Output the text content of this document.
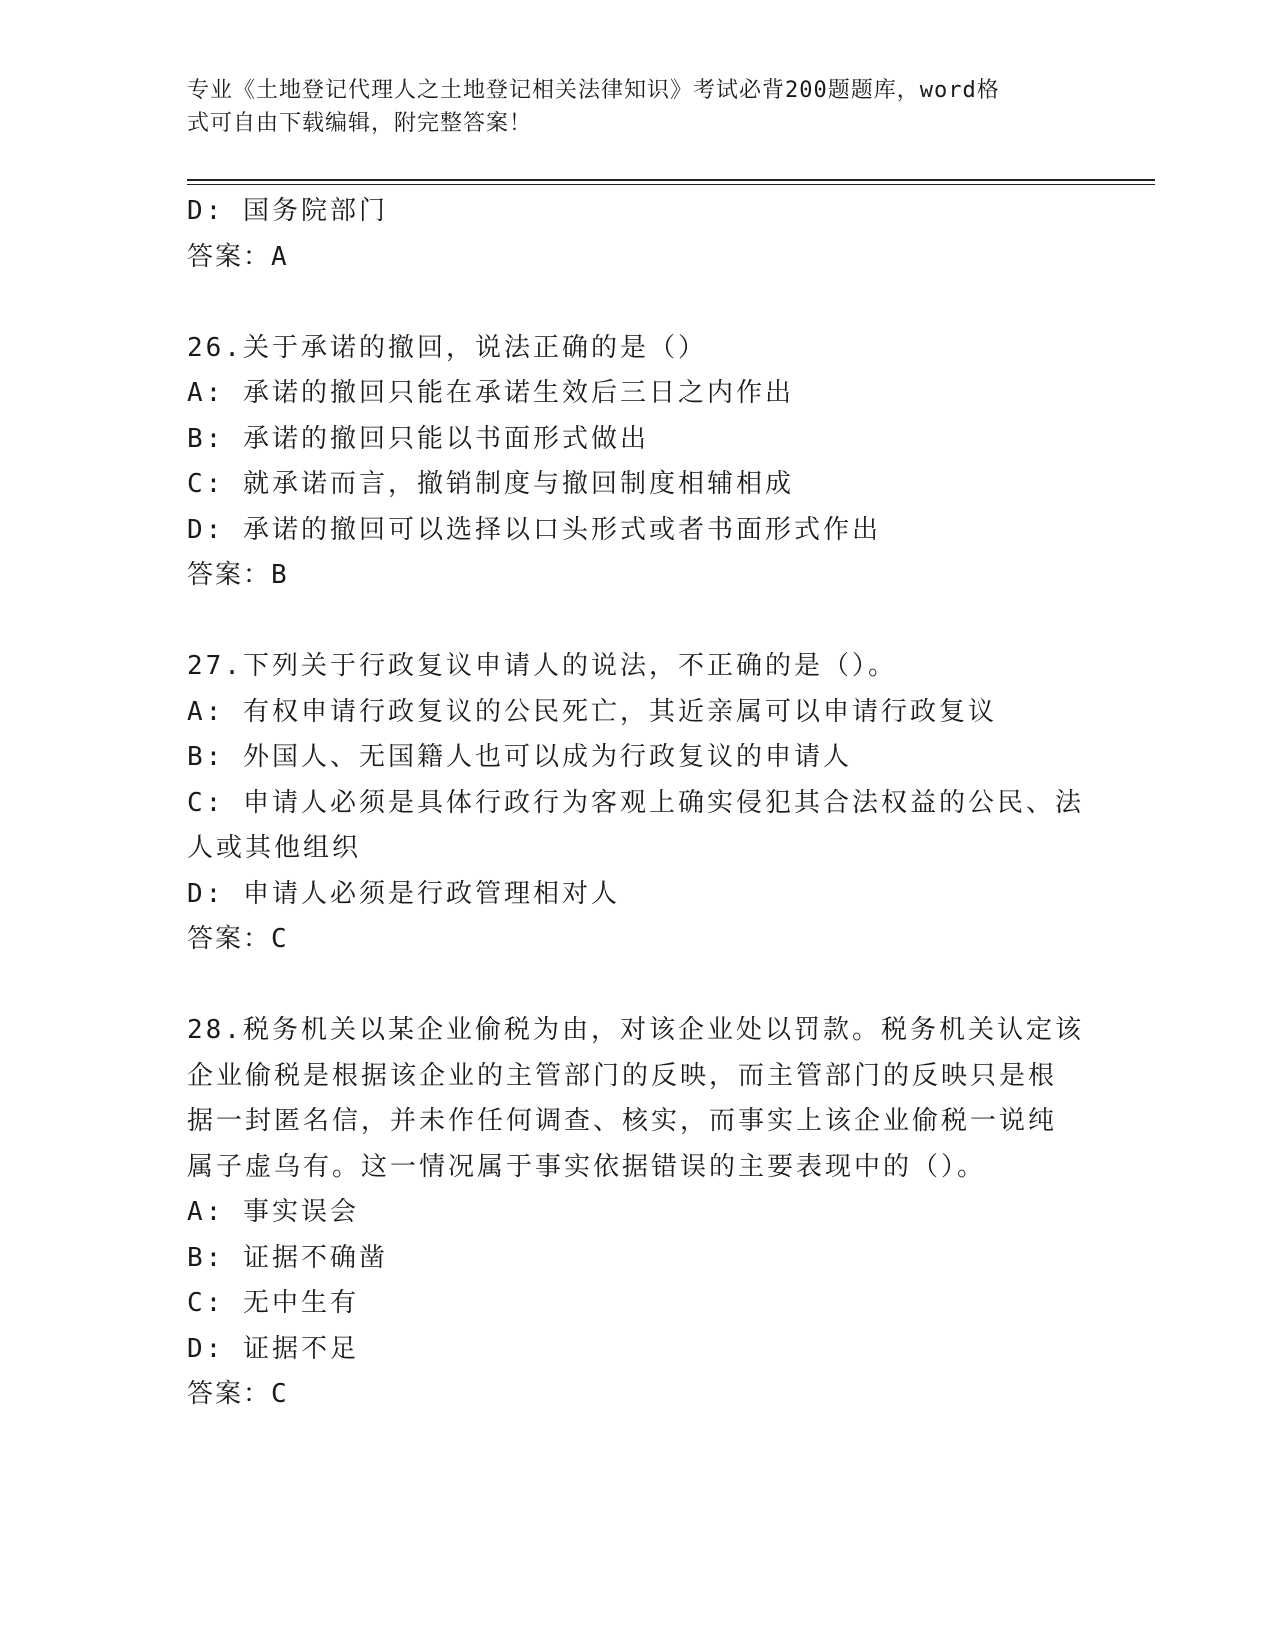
专业《土地登记代理人之土地登记相关法律知识》考试必背200题题库，word格
式可自由下载编辑，附完整答案！
D: 国务院部门
答案：A
26.关于承诺的撤回，说法正确的是（）
A: 承诺的撤回只能在承诺生效后三日之内作出
B: 承诺的撤回只能以书面形式做出
C: 就承诺而言，撤销制度与撤回制度相辅相成
D: 承诺的撤回可以选择以口头形式或者书面形式作出
答案：B
27.下列关于行政复议申请人的说法，不正确的是（）。
A: 有权申请行政复议的公民死亡，其近亲属可以申请行政复议
B: 外国人、无国籍人也可以成为行政复议的申请人
C: 申请人必须是具体行政行为客观上确实侵犯其合法权益的公民、法
人或其他组织
D: 申请人必须是行政管理相对人
答案：C
28.税务机关以某企业偷税为由，对该企业处以罚款。税务机关认定该
企业偷税是根据该企业的主管部门的反映，而主管部门的反映只是根
据一封匿名信，并未作任何调查、核实，而事实上该企业偷税一说纯
属子虚乌有。这一情况属于事实依据错误的主要表现中的（）。
A: 事实误会
B: 证据不确凿
C: 无中生有
D: 证据不足
答案：C
